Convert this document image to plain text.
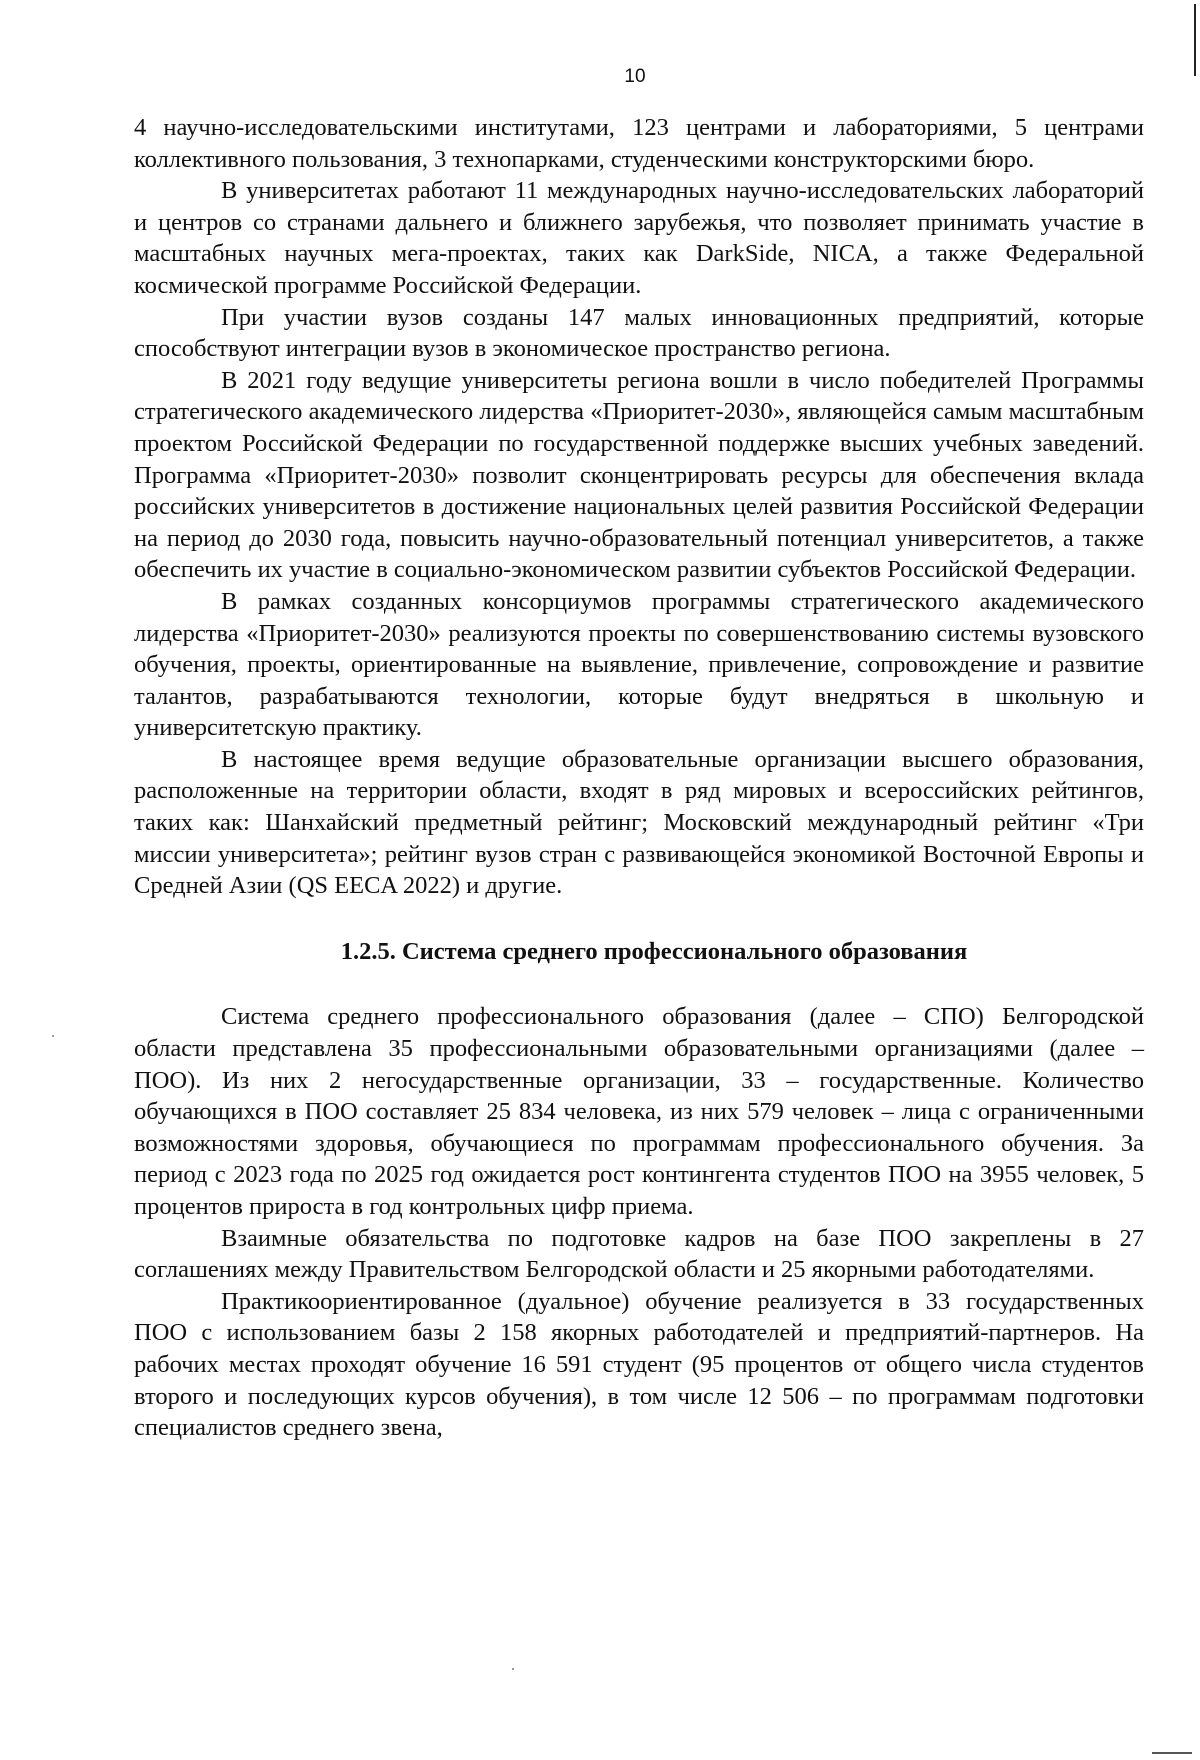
10

4 научно-исследовательскими институтами, 123 центрами и лабораториями, 5 центрами коллективного пользования, 3 технопарками, студенческими конструкторскими бюро.

В университетах работают 11 международных научно-исследовательских лабораторий и центров со странами дальнего и ближнего зарубежья, что позволяет принимать участие в масштабных научных мега-проектах, таких как DarkSide, NICA, а также Федеральной космической программе Российской Федерации.

При участии вузов созданы 147 малых инновационных предприятий, которые способствуют интеграции вузов в экономическое пространство региона.

В 2021 году ведущие университеты региона вошли в число победителей Программы стратегического академического лидерства «Приоритет-2030», являющейся самым масштабным проектом Российской Федерации по государственной поддержке высших учебных заведений. Программа «Приоритет-2030» позволит сконцентрировать ресурсы для обеспечения вклада российских университетов в достижение национальных целей развития Российской Федерации на период до 2030 года, повысить научно-образовательный потенциал университетов, а также обеспечить их участие в социально-экономическом развитии субъектов Российской Федерации.

В рамках созданных консорциумов программы стратегического академического лидерства «Приоритет-2030» реализуются проекты по совершенствованию системы вузовского обучения, проекты, ориентированные на выявление, привлечение, сопровождение и развитие талантов, разрабатываются технологии, которые будут внедряться в школьную и университетскую практику.

В настоящее время ведущие образовательные организации высшего образования, расположенные на территории области, входят в ряд мировых и всероссийских рейтингов, таких как: Шанхайский предметный рейтинг; Московский международный рейтинг «Три миссии университета»; рейтинг вузов стран с развивающейся экономикой Восточной Европы и Средней Азии (QS EECA 2022) и другие.

1.2.5. Система среднего профессионального образования

Система среднего профессионального образования (далее – СПО) Белгородской области представлена 35 профессиональными образовательными организациями (далее – ПОО). Из них 2 негосударственные организации, 33 – государственные. Количество обучающихся в ПОО составляет 25 834 человека, из них 579 человек – лица с ограниченными возможностями здоровья, обучающиеся по программам профессионального обучения. За период с 2023 года по 2025 год ожидается рост контингента студентов ПОО на 3955 человек, 5 процентов прироста в год контрольных цифр приема.

Взаимные обязательства по подготовке кадров на базе ПОО закреплены в 27 соглашениях между Правительством Белгородской области и 25 якорными работодателями.

Практикоориентированное (дуальное) обучение реализуется в 33 государственных ПОО с использованием базы 2 158 якорных работодателей и предприятий-партнеров. На рабочих местах проходят обучение 16 591 студент (95 процентов от общего числа студентов второго и последующих курсов обучения), в том числе 12 506 – по программам подготовки специалистов среднего звена,
